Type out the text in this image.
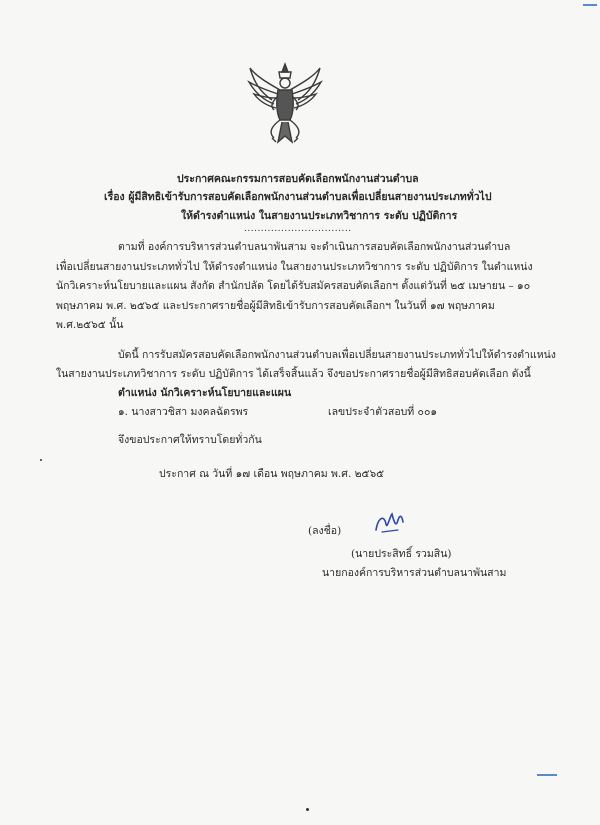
ประกาศคณะกรรมการสอบคัดเลือกพนักงานส่วนตำบล
เรื่อง ผู้มีสิทธิเข้ารับการสอบคัดเลือกพนักงานส่วนตำบลเพื่อเปลี่ยนสายงานประเภททั่วไป
ให้ดำรงตำแหน่ง ในสายงานประเภทวิชาการ ระดับ ปฏิบัติการ
................................
ตามที่ องค์การบริหารส่วนตำบลนาพันสาม จะดำเนินการสอบคัดเลือกพนักงานส่วนตำบล
เพื่อเปลี่ยนสายงานประเภททั่วไป ให้ดำรงตำแหน่ง ในสายงานประเภทวิชาการ ระดับ ปฏิบัติการ ในตำแหน่ง
นักวิเคราะห์นโยบายและแผน สังกัด สำนักปลัด โดยได้รับสมัครสอบคัดเลือกฯ ตั้งแต่วันที่ ๒๕ เมษายน – ๑๐
พฤษภาคม พ.ศ. ๒๕๖๕ และประกาศรายชื่อผู้มีสิทธิเข้ารับการสอบคัดเลือกฯ ในวันที่ ๑๗ พฤษภาคม
พ.ศ.๒๕๖๕ นั้น
บัดนี้ การรับสมัครสอบคัดเลือกพนักงานส่วนตำบลเพื่อเปลี่ยนสายงานประเภททั่วไปให้ดำรงตำแหน่ง
ในสายงานประเภทวิชาการ ระดับ ปฏิบัติการ ได้เสร็จสิ้นแล้ว จึงขอประกาศรายชื่อผู้มีสิทธิสอบคัดเลือก ดังนี้
ตำแหน่ง นักวิเคราะห์นโยบายและแผน
๑. นางสาวชิสา มงคลฉัตรพร	เลขประจำตัวสอบที่ ๐๐๑
จึงขอประกาศให้ทราบโดยทั่วกัน
ประกาศ ณ วันที่ ๑๗ เดือน พฤษภาคม พ.ศ. ๒๕๖๕
(ลงชื่อ)
(นายประสิทธิ์ รวมสิน)
นายกองค์การบริหารส่วนตำบลนาพันสาม
